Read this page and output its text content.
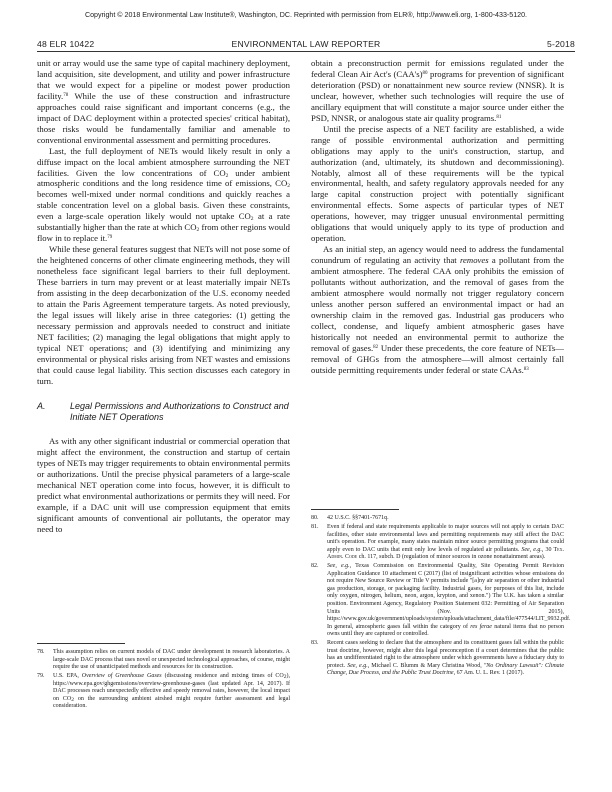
Copyright © 2018 Environmental Law Institute®, Washington, DC. Reprinted with permission from ELR®, http://www.eli.org, 1-800-433-5120.
48 ELR 10422	ENVIRONMENTAL LAW REPORTER	5-2018

unit or array would use the same type of capital machinery deployment, land acquisition, site development, and utility and power infrastructure that we would expect for a pipeline or modest power production facility.$^{78}$ While the use of these construction and infrastructure approaches could raise significant and important concerns (e.g., the impact of DAC deployment within a protected species' critical habitat), those risks would be fundamentally familiar and amenable to conventional environmental assessment and permitting procedures.

Last, the full deployment of NETs would likely result in only a diffuse impact on the local ambient atmosphere surrounding the NET facilities. Given the low concentrations of $CO_2$ under ambient atmospheric conditions and the long residence time of emissions, $CO_2$ becomes well-mixed under normal conditions and quickly reaches a stable concentration level on a global basis. Given these constraints, even a large-scale operation likely would not uptake $CO_2$ at a rate substantially higher than the rate at which $CO_2$ from other regions would flow in to replace it.$^{79}$

While these general features suggest that NETs will not pose some of the heightened concerns of other climate engineering methods, they will nonetheless face significant legal barriers to their full deployment. These barriers in turn may prevent or at least materially impair NETs from assisting in the deep decarbonization of the U.S. economy needed to attain the Paris Agreement temperature targets. As noted previously, the legal issues will likely arise in three categories: (1) getting the necessary permission and approvals needed to construct and initiate NET facilities; (2) managing the legal obligations that might apply to typical NET operations; and (3) identifying and minimizing any environmental or physical risks arising from NET wastes and emissions that could cause legal liability. This section discusses each category in turn.

A.	Legal Permissions and Authorizations to Construct and Initiate NET Operations

As with any other significant industrial or commercial operation that might affect the environment, the construction and startup of certain types of NETs may trigger requirements to obtain environmental permits or authorizations. Until the precise physical parameters of a large-scale mechanical NET operation come into focus, however, it is difficult to predict what environmental authorizations or permits they will need. For example, if a DAC unit will use compression equipment that emits significant amounts of conventional air pollutants, the operator may need to

78. This assumption relies on current models of DAC under development in research laboratories. A large-scale DAC process that uses novel or unexpected technological approaches, of course, might require the use of unanticipated methods and resources for its construction.
79. U.S. EPA, Overview of Greenhouse Gases (discussing residence and mixing times of $CO_2$), https://www.epa.gov/ghgemissions/overview-greenhouse-gases (last updated Apr. 14, 2017). If DAC processes reach unexpectedly effective and speedy removal rates, however, the local impact on $CO_2$ on the surrounding ambient airshed might require further assessment and legal consideration.

obtain a preconstruction permit for emissions regulated under the federal Clean Air Act's $(CAA's)^{80}$ programs for prevention of significant deterioration (PSD) or nonattainment new source review (NNSR). It is unclear, however, whether such technologies will require the use of ancillary equipment that will constitute a major source under either the PSD, NNSR, or analogous state air quality programs.$^{81}$

Until the precise aspects of a NET facility are established, a wide range of possible environmental authorization and permitting obligations may apply to the unit's construction, startup, and authorization (and, ultimately, its shutdown and decommissioning). Notably, almost all of these requirements will be the typical environmental, health, and safety regulatory approvals needed for any large capital construction project with potentially significant environmental effects. Some aspects of particular types of NET operations, however, may trigger unusual environmental permitting obligations that would uniquely apply to its type of production and operation.

As an initial step, an agency would need to address the fundamental conundrum of regulating an activity that removes a pollutant from the ambient atmosphere. The federal CAA only prohibits the emission of pollutants without authorization, and the removal of gases from the ambient atmosphere would normally not trigger regulatory concern unless another person suffered an environmental impact or had an ownership claim in the removed gas. Industrial gas producers who collect, condense, and liquefy ambient atmospheric gases have historically not needed an environmental permit to authorize the removal of gases.$^{82}$ Under these precedents, the core feature of NETs—removal of GHGs from the atmosphere—will almost certainly fall outside permitting requirements under federal or state CAAs.$^{83}$

80. 42 U.S.C. §§7401-7671q.
81. Even if federal and state requirements applicable to major sources will not apply to certain DAC facilities, other state environmental laws and permitting requirements may still affect the DAC unit's operation. For example, many states maintain minor source permitting programs that could apply even to DAC units that emit only low levels of regulated air pollutants. See, e.g., 30 Tex. Admin. Code ch. 117, subch. D (regulation of minor sources in ozone nonattainment areas).
82. See, e.g., Texas Commission on Environmental Quality, Site Operating Permit Revision Application Guidance 10 attachment C (2017) (list of insignificant activities whose emissions do not require New Source Review or Title V permits include "[a]ny air separation or other industrial gas production, storage, or packaging facility. Industrial gases, for purposes of this list, include only oxygen, nitrogen, helium, neon, argon, krypton, and xenon.") The U.K. has taken a similar position. Environment Agency, Regulatory Position Statement 032: Permitting of Air Separation Units (Nov. 2015), https://www.gov.uk/government/uploads/system/uploads/attachment_data/file/477544/LIT_9932.pdf. In general, atmospheric gases fall within the category of res ferae natural items that no person owns until they are captured or controlled.
83. Recent cases seeking to declare that the atmosphere and its constituent gases fall within the public trust doctrine, however, might alter this legal preconception if a court determines that the public has an undifferentiated right to the atmosphere under which governments have a fiduciary duty to protect. See, e.g., Michael C. Blumm & Mary Christina Wood, "No Ordinary Lawsuit": Climate Change, Due Process, and the Public Trust Doctrine, 67 Am. U. L. Rev. 1 (2017).
